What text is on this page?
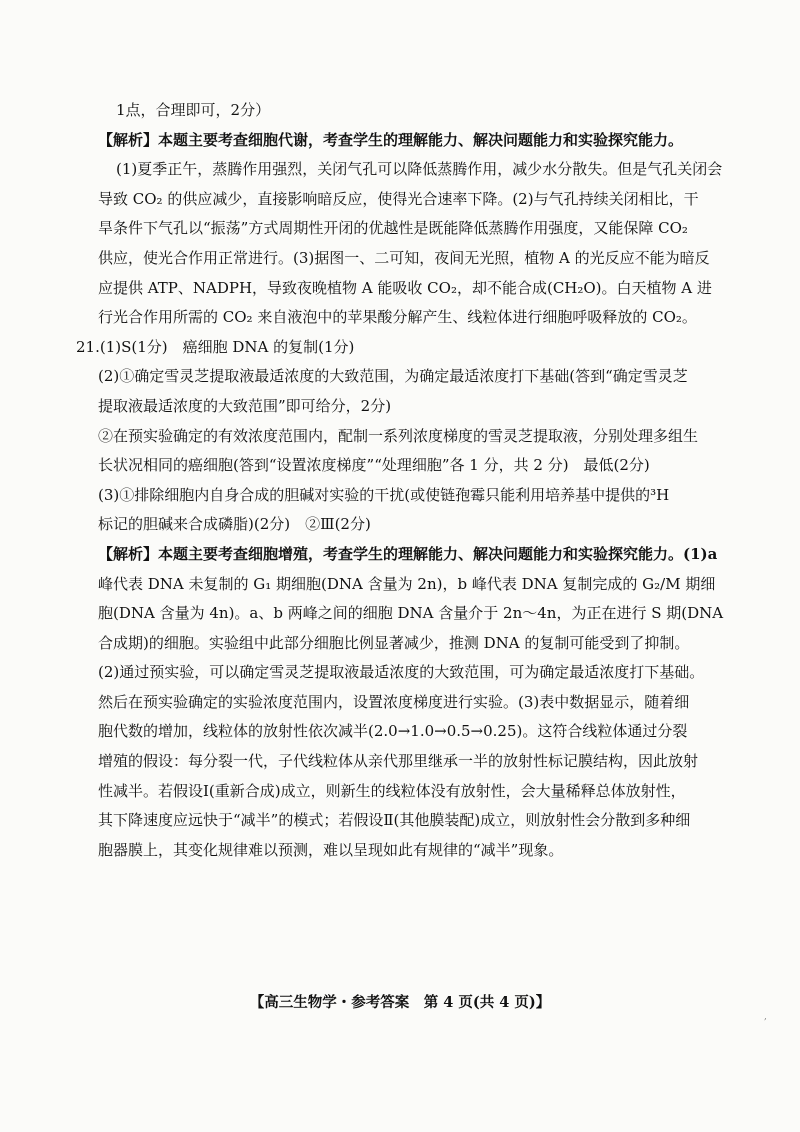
1点，合理即可，2分）
【解析】本题主要考查细胞代谢，考查学生的理解能力、解决问题能力和实验探究能力。
(1)夏季正午，蒸腾作用强烈，关闭气孔可以降低蒸腾作用，减少水分散失。但是气孔关闭会
导致 CO₂ 的供应减少，直接影响暗反应，使得光合速率下降。(2)与气孔持续关闭相比，干
旱条件下气孔以“振荡”方式周期性开闭的优越性是既能降低蒸腾作用强度，又能保障 CO₂
供应，使光合作用正常进行。(3)据图一、二可知，夜间无光照，植物 A 的光反应不能为暗反
应提供 ATP、NADPH，导致夜晚植物 A 能吸收 CO₂，却不能合成(CH₂O)。白天植物 A 进
行光合作用所需的 CO₂ 来自液泡中的苹果酸分解产生、线粒体进行细胞呼吸释放的 CO₂。
21.(1)S(1分)　癌细胞 DNA 的复制(1分)
(2)①确定雪灵芝提取液最适浓度的大致范围，为确定最适浓度打下基础(答到“确定雪灵芝
提取液最适浓度的大致范围”即可给分，2分)
②在预实验确定的有效浓度范围内，配制一系列浓度梯度的雪灵芝提取液，分别处理多组生
长状况相同的癌细胞(答到“设置浓度梯度”“处理细胞”各 1 分，共 2 分)　最低(2分)
(3)①排除细胞内自身合成的胆碱对实验的干扰(或使链孢霉只能利用培养基中提供的³H
标记的胆碱来合成磷脂)(2分)　②Ⅲ(2分)
【解析】本题主要考查细胞增殖，考查学生的理解能力、解决问题能力和实验探究能力。(1)a
峰代表 DNA 未复制的 G₁ 期细胞(DNA 含量为 2n)，b 峰代表 DNA 复制完成的 G₂/M 期细
胞(DNA 含量为 4n)。a、b 两峰之间的细胞 DNA 含量介于 2n～4n，为正在进行 S 期(DNA
合成期)的细胞。实验组中此部分细胞比例显著减少，推测 DNA 的复制可能受到了抑制。
(2)通过预实验，可以确定雪灵芝提取液最适浓度的大致范围，可为确定最适浓度打下基础。
然后在预实验确定的实验浓度范围内，设置浓度梯度进行实验。(3)表中数据显示，随着细
胞代数的增加，线粒体的放射性依次减半(2.0→1.0→0.5→0.25)。这符合线粒体通过分裂
增殖的假设：每分裂一代，子代线粒体从亲代那里继承一半的放射性标记膜结构，因此放射
性减半。若假设Ⅰ(重新合成)成立，则新生的线粒体没有放射性，会大量稀释总体放射性，
其下降速度应远快于“减半”的模式；若假设Ⅱ(其他膜装配)成立，则放射性会分散到多种细
胞器膜上，其变化规律难以预测，难以呈现如此有规律的“减半”现象。
【高三生物学・参考答案　第 4 页(共 4 页)】
,
